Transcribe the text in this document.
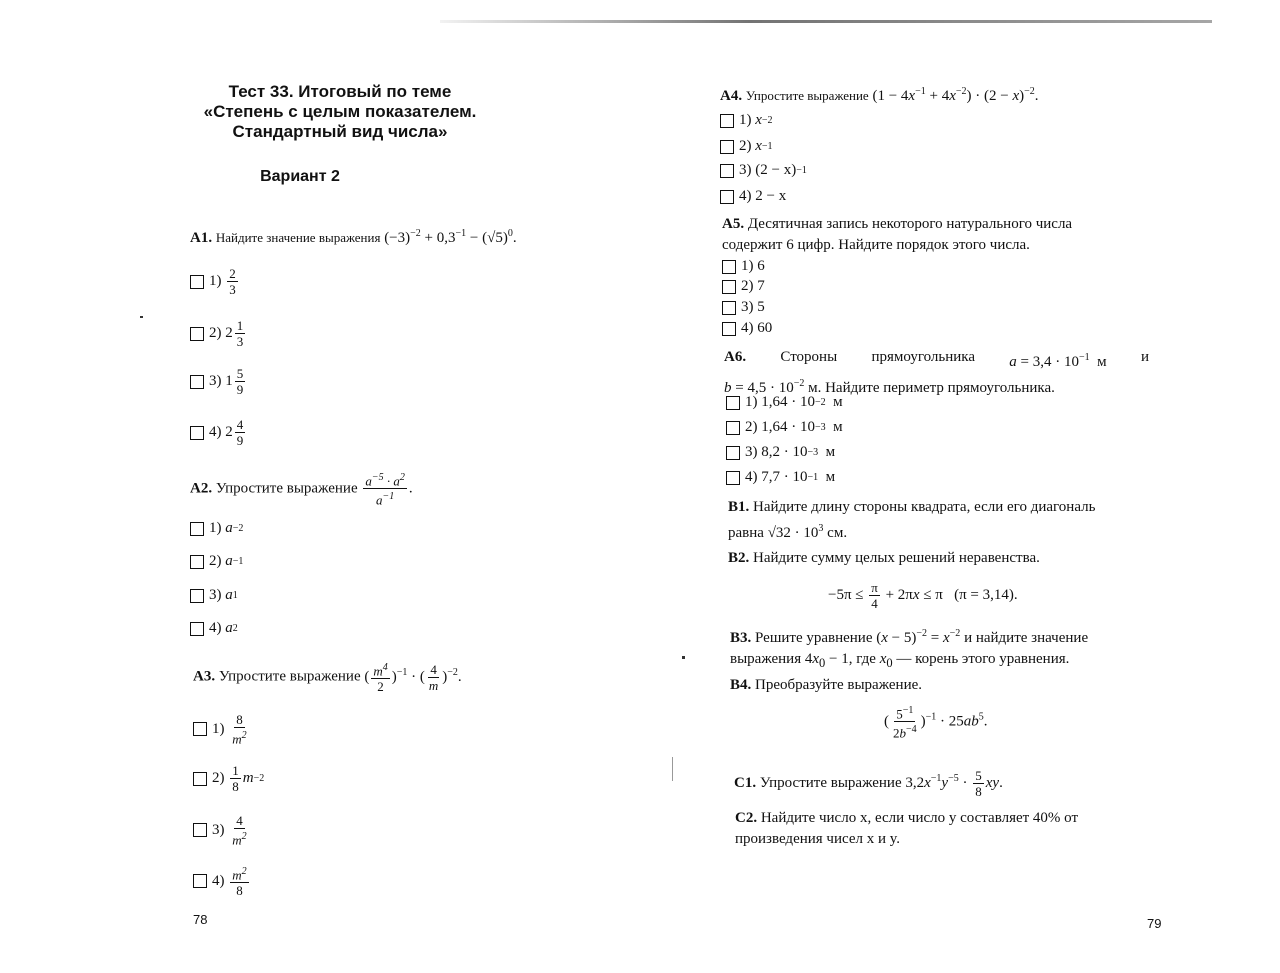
Тест 33. Итоговый по теме
«Степень с целым показателем.
Стандартный вид числа»
Вариант 2
А1. Найдите значение выражения $(-3)^{-2} + 0,3^{-1} - (√5)^0$.
1)
$\frac{2}{3}$
2)
$2 \frac{1}{3}$
3)
$1 \frac{5}{9}$
4)
$2 \frac{4}{9}$
А2. Упростите выражение $\frac{a^{-5} \cdot a^2}{a^{-1}}$ .
1)
a −2
2)
a −1
3)
a 1
4)
a 2
А3. Упростите выражение ( $\frac{m^4}{2} )^{-1}$ · ( $\frac{4}{m} )^{-2}$.
1)
$\frac{8}{m^2}$
2)
$\frac{1}{8}$ m −2
3)
$\frac{4}{m^2}$
4)
$\frac{m^2}{8}$
78
А4. Упростите выражение $(1 - 4x^{-1} + 4x^{-2}) \cdot (2 - x)^{-2}$.
1)
x −2
2)
x −1
3)
(2 − x) −1
4)
2 − x
А5. Десятичная запись некоторого натурального числа
содержит 6 цифр. Найдите порядок этого числа.
1)
6
2)
7
3)
5
4)
60
А6. Стороны прямоугольника $a = 3,4 \cdot 10^{-1}$  м и
$b = 4,5 \cdot 10^{-2}$ м. Найдите периметр прямоугольника.
1)
1,64 · 10 −2
м
2)
1,64 · 10 −3
м
3)
8,2 · 10 −3
м
4)
7,7 · 10 −1
м
В1. Найдите длину стороны квадрата, если его диагональ
равна $√32 \cdot 10^3$ см.
В2. Найдите сумму целых решений неравенства.
$-5\pi \le \frac{\pi}{4} + 2\pi x \le \pi$   (π = 3,14).
В3. Решите уравнение $(x - 5)^{-2} = x^{-2}$ и найдите значение
выражения $4x_0 - 1$, где $x_0$ — корень этого уравнения.
В4. Преобразуйте выражение.
( $\frac{5^{-1}}{2b^{-4}} )^{-1} \cdot 25ab^5$.
С1. Упростите выражение $3,2x^{-1}y^{-5} \cdot \frac{5}{8}$ xy.
С2. Найдите число x, если число y составляет 40% от
произведения чисел x и y.
79
